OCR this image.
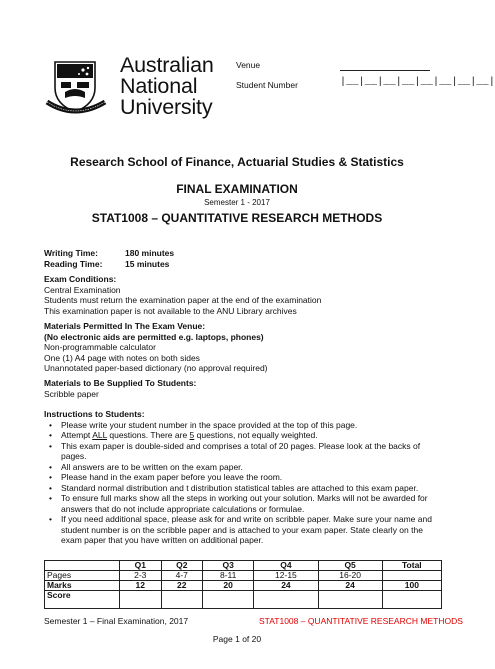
Australian
National
University
Venue
Student Number	|__|__|__|__|__|__|__|__|
Research School of Finance, Actuarial Studies & Statistics
FINAL EXAMINATION
Semester 1 - 2017
STAT1008 – QUANTITATIVE RESEARCH METHODS
Writing Time:	180 minutes
Reading Time:	15 minutes
Exam Conditions:
Central Examination
Students must return the examination paper at the end of the examination
This examination paper is not available to the ANU Library archives
Materials Permitted In The Exam Venue:
(No electronic aids are permitted e.g. laptops, phones)
Non-programmable calculator
One (1) A4 page with notes on both sides
Unannotated paper-based dictionary (no approval required)
Materials to Be Supplied To Students:
Scribble paper
Instructions to Students:
• Please write your student number in the space provided at the top of this page.
• Attempt ALL questions. There are 5 questions, not equally weighted.
• This exam paper is double-sided and comprises a total of 20 pages. Please look at the backs of pages.
• All answers are to be written on the exam paper.
• Please hand in the exam paper before you leave the room.
• Standard normal distribution and t distribution statistical tables are attached to this exam paper.
• To ensure full marks show all the steps in working out your solution. Marks will not be awarded for answers that do not include appropriate calculations or formulae.
• If you need additional space, please ask for and write on scribble paper. Make sure your name and student number is on the scribble paper and is attached to your exam paper. State clearly on the exam paper that you have written on additional paper.
	Q1	Q2	Q3	Q4	Q5	Total
Pages	2-3	4-7	8-11	12-15	16-20	
Marks	12	22	20	24	24	100
Score						
Semester 1 – Final Examination, 2017	STAT1008 – QUANTITATIVE RESEARCH METHODS
Page 1 of 20
